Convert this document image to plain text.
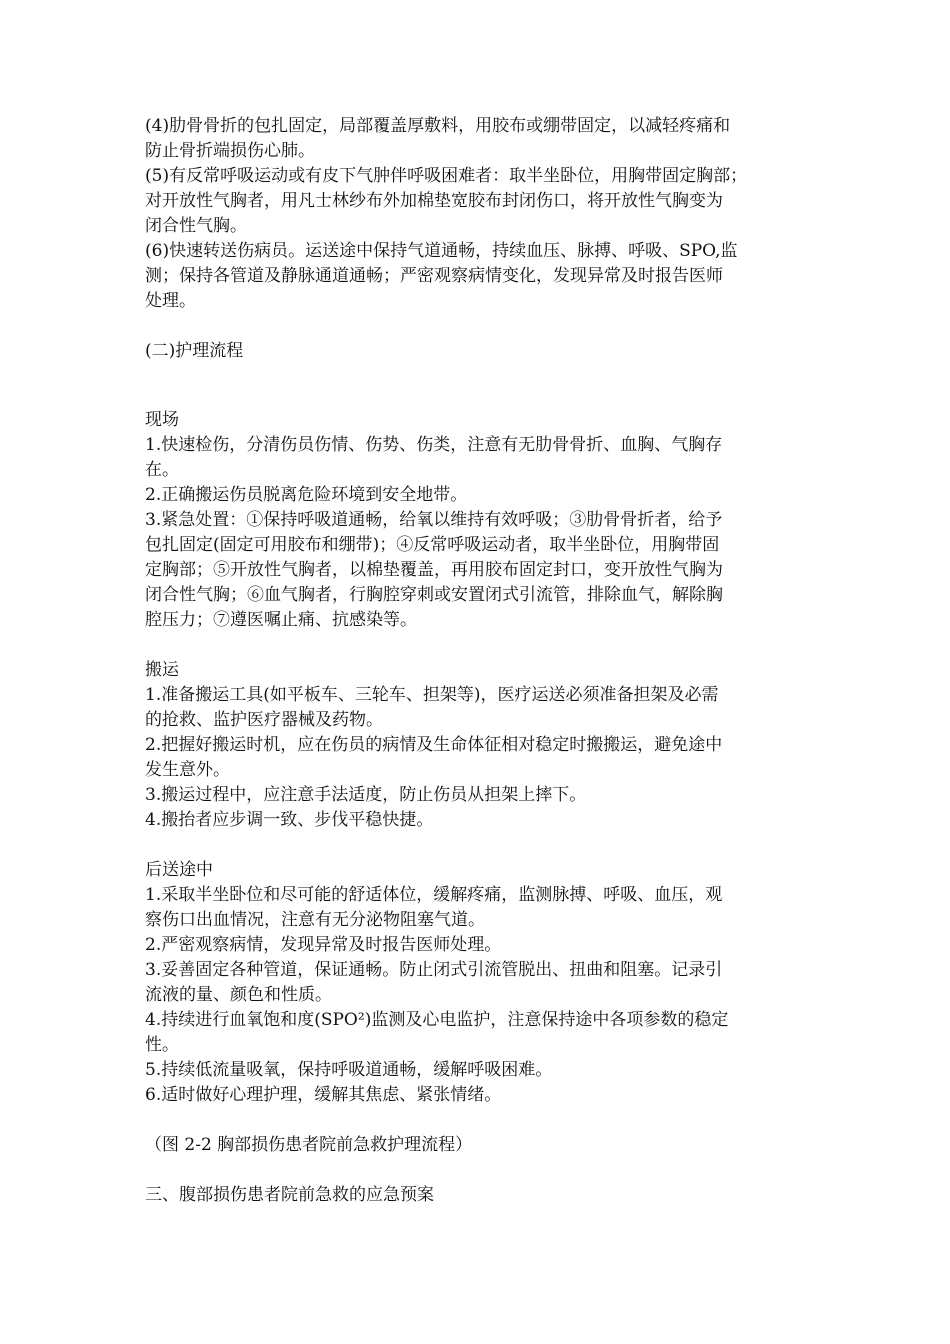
(4)肋骨骨折的包扎固定，局部覆盖厚敷料，用胶布或绷带固定，以减轻疼痛和
防止骨折端损伤心肺。
(5)有反常呼吸运动或有皮下气肿伴呼吸困难者：取半坐卧位，用胸带固定胸部；
对开放性气胸者，用凡士林纱布外加棉垫宽胶布封闭伤口，将开放性气胸变为
闭合性气胸。
(6)快速转送伤病员。运送途中保持气道通畅，持续血压、脉搏、呼吸、SPO,监
测；保持各管道及静脉通道通畅；严密观察病情变化，发现异常及时报告医师
处理。
(二)护理流程
现场
1.快速检伤，分清伤员伤情、伤势、伤类，注意有无肋骨骨折、血胸、气胸存
在。
2.正确搬运伤员脱离危险环境到安全地带。
3.紧急处置：①保持呼吸道通畅，给氧以维持有效呼吸；③肋骨骨折者，给予
包扎固定(固定可用胶布和绷带)；④反常呼吸运动者，取半坐卧位，用胸带固
定胸部；⑤开放性气胸者，以棉垫覆盖，再用胶布固定封口，变开放性气胸为
闭合性气胸；⑥血气胸者，行胸腔穿刺或安置闭式引流管，排除血气，解除胸
腔压力；⑦遵医嘱止痛、抗感染等。
搬运
1.准备搬运工具(如平板车、三轮车、担架等)，医疗运送必须准备担架及必需
的抢救、监护医疗器械及药物。
2.把握好搬运时机，应在伤员的病情及生命体征相对稳定时搬搬运，避免途中
发生意外。
3.搬运过程中，应注意手法适度，防止伤员从担架上摔下。
4.搬抬者应步调一致、步伐平稳快捷。
后送途中
1.采取半坐卧位和尽可能的舒适体位，缓解疼痛，监测脉搏、呼吸、血压，观
察伤口出血情况，注意有无分泌物阻塞气道。
2.严密观察病情，发现异常及时报告医师处理。
3.妥善固定各种管道，保证通畅。防止闭式引流管脱出、扭曲和阻塞。记录引
流液的量、颜色和性质。
4.持续进行血氧饱和度(SPO²)监测及心电监护，注意保持途中各项参数的稳定
性。
5.持续低流量吸氧，保持呼吸道通畅，缓解呼吸困难。
6.适时做好心理护理，缓解其焦虑、紧张情绪。
（图 2-2 胸部损伤患者院前急救护理流程）
三、腹部损伤患者院前急救的应急预案
